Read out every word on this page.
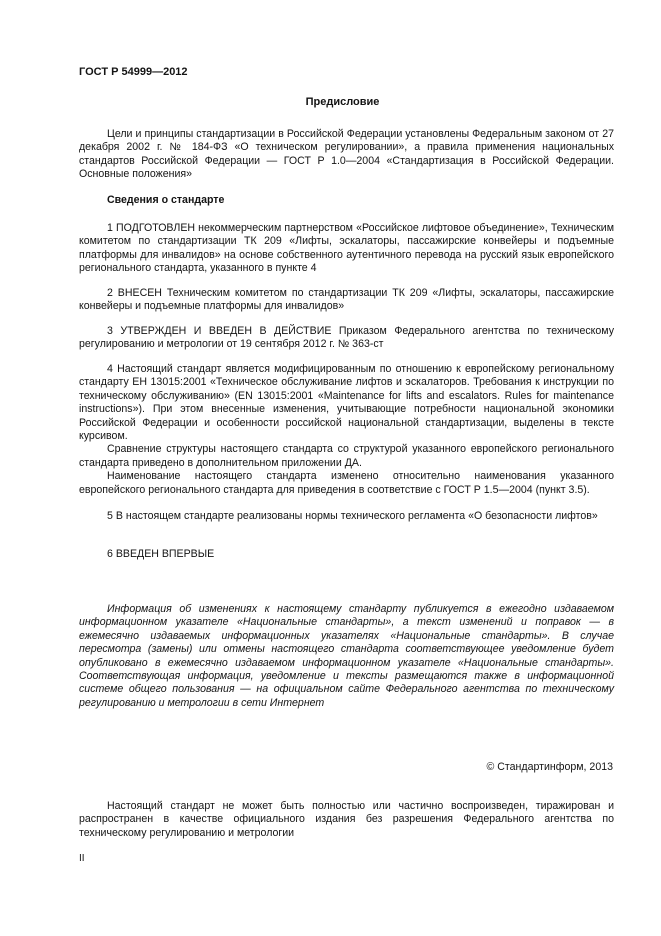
ГОСТ Р 54999—2012
Предисловие

Цели и принципы стандартизации в Российской Федерации установлены Федеральным законом от 27 декабря 2002 г. № 184-ФЗ «О техническом регулировании», а правила применения национальных стандартов Российской Федерации — ГОСТ Р 1.0—2004 «Стандартизация в Российской Федерации. Основные положения»

Сведения о стандарте

1 ПОДГОТОВЛЕН некоммерческим партнерством «Российское лифтовое объединение», Техническим комитетом по стандартизации ТК 209 «Лифты, эскалаторы, пассажирские конвейеры и подъемные платформы для инвалидов» на основе собственного аутентичного перевода на русский язык европейского регионального стандарта, указанного в пункте 4

2 ВНЕСЕН Техническим комитетом по стандартизации ТК 209 «Лифты, эскалаторы, пассажирские конвейеры и подъемные платформы для инвалидов»

3 УТВЕРЖДЕН И ВВЕДЕН В ДЕЙСТВИЕ Приказом Федерального агентства по техническому регулированию и метрологии от 19 сентября 2012 г. № 363-ст

4 Настоящий стандарт является модифицированным по отношению к европейскому региональному стандарту ЕН 13015:2001 «Техническое обслуживание лифтов и эскалаторов. Требования к инструкции по техническому обслуживанию» (EN 13015:2001 «Maintenance for lifts and escalators. Rules for maintenance instructions»). При этом внесенные изменения, учитывающие потребности национальной экономики Российской Федерации и особенности российской национальной стандартизации, выделены в тексте курсивом.

Сравнение структуры настоящего стандарта со структурой указанного европейского регионального стандарта приведено в дополнительном приложении ДА.

Наименование настоящего стандарта изменено относительно наименования указанного европейского регионального стандарта для приведения в соответствие с ГОСТ Р 1.5—2004 (пункт 3.5).

5 В настоящем стандарте реализованы нормы технического регламента «О безопасности лифтов»

6 ВВЕДЕН ВПЕРВЫЕ

Информация об изменениях к настоящему стандарту публикуется в ежегодно издаваемом информационном указателе «Национальные стандарты», а текст изменений и поправок — в ежемесячно издаваемых информационных указателях «Национальные стандарты». В случае пересмотра (замены) или отмены настоящего стандарта соответствующее уведомление будет опубликовано в ежемесячно издаваемом информационном указателе «Национальные стандарты». Соответствующая информация, уведомление и тексты размещаются также в информационной системе общего пользования — на официальном сайте Федерального агентства по техническому регулированию и метрологии в сети Интернет

© Стандартинформ, 2013

Настоящий стандарт не может быть полностью или частично воспроизведен, тиражирован и распространен в качестве официального издания без разрешения Федерального агентства по техническому регулированию и метрологии

II
